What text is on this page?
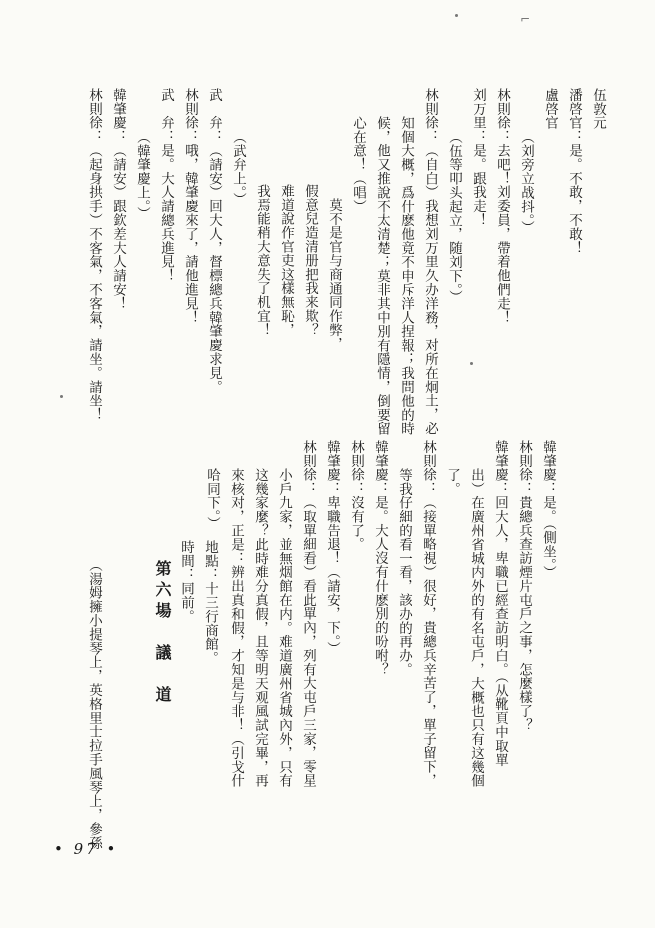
伍敦元
潘啓官：是。不敢，不敢！
盧啓官
（刘旁立战抖。）
林則徐：去吧！刘委員，帶着他們走！
刘万里：是。跟我走！
（伍等叩头起立，随刘下。）
林則徐：（自白）我想刘万里久办洋務，对所在炯土，必
知個大概，爲什麽他竟不申斥洋人捏報；我問他的時
候，他又推說不太清楚；莫非其中別有隱情，倒要留
心在意！（唱）
莫不是官与商通同作弊，
假意兒造清册把我来欺？
难道說作官吏这樣無恥，
我焉能稍大意失了机宜！
（武弁上。）
武　弁：（請安）回大人，督標總兵韓肇慶求見。
林則徐：哦，韓肇慶來了，請他進見！
武　弁：是。大人請總兵進見！
（韓肇慶上。）
韓肇慶：（請安）跟欽差大人請安！
林則徐：（起身拱手）不客氣，不客氣，請坐。請坐！
韓肇慶：是。（側坐。）
林則徐：貴總兵查訪煙片屯戶之事，怎麼樣了？
韓肇慶：回大人，卑職已經查訪明白。（从靴頁中取單
出）在廣州省城内外的有名屯戶，大概也只有这幾個
了。
林則徐：（接單略視）很好，貴總兵辛苦了，單子留下，
等我仔細的看一看，該办的再办。
韓肇慶：是。大人沒有什麽別的吩咐？
林則徐：沒有了。
韓肇慶：卑職告退！（請安，下。）
林則徐：（取單細看）看此單內，列有大屯戶三家，零星
小戶九家，並無烟館在内。难道廣州省城內外，只有
这幾家麼？此時难分真假，且等明天观風試完畢，再
來核对，正是：辨出真和假，才知是与非！（引戈什
哈同下。）
地點：十三行商館。
時間：同前。
第六場　議　道
（湯姆擁小提琴上，英格里士拉手風琴上，參孫
• 97 •
⌐
